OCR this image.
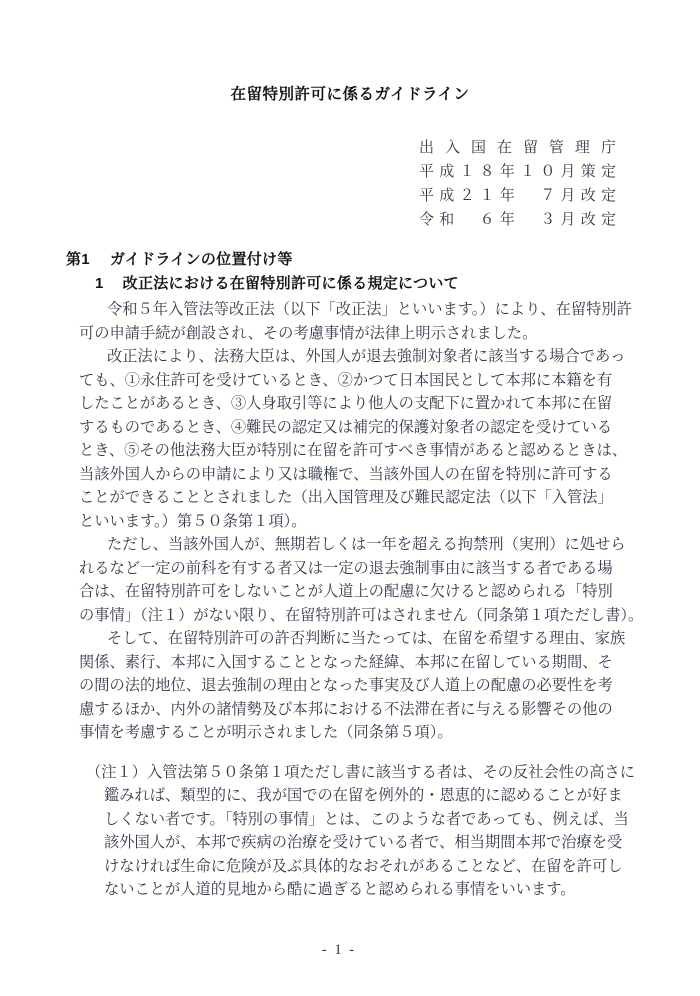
在留特別許可に係るガイドライン
出 入 国 在 留 管 理 庁
平 成 １ ８ 年 １ ０ 月 策 定
平 成 ２ １ 年
　 ７ 月 改 定
令 和
　 ６ 年
　 ３ 月 改 定
第1 ガイドラインの位置付け等
1 改正法における在留特別許可に係る規定について
令和５年入管法等改正法（以下「改正法」といいます。）により、在留特別許
可の申請手続が創設され、その考慮事情が法律上明示されました。
改正法により、法務大臣は、外国人が退去強制対象者に該当する場合であっ
ても、①永住許可を受けているとき、②かつて日本国民として本邦に本籍を有
したことがあるとき、③人身取引等により他人の支配下に置かれて本邦に在留
するものであるとき、④難民の認定又は補完的保護対象者の認定を受けている
とき、⑤その他法務大臣が特別に在留を許可すべき事情があると認めるときは、
当該外国人からの申請により又は職権で、当該外国人の在留を特別に許可する
ことができることとされました（出入国管理及び難民認定法（以下「入管法」
といいます。）第５０条第１項）。
ただし、当該外国人が、無期若しくは一年を超える拘禁刑（実刑）に処せら
れるなど一定の前科を有する者又は一定の退去強制事由に該当する者である場
合は、在留特別許可をしないことが人道上の配慮に欠けると認められる「特別
の事情」（注１）がない限り、在留特別許可はされません（同条第１項ただし書）。
そして、在留特別許可の許否判断に当たっては、在留を希望する理由、家族
関係、素行、本邦に入国することとなった経緯、本邦に在留している期間、そ
の間の法的地位、退去強制の理由となった事実及び人道上の配慮の必要性を考
慮するほか、内外の諸情勢及び本邦における不法滞在者に与える影響その他の
事情を考慮することが明示されました（同条第５項）。
（注１）入管法第５０条第１項ただし書に該当する者は、その反社会性の高さに
鑑みれば、類型的に、我が国での在留を例外的・恩恵的に認めることが好ま
しくない者です。「特別の事情」とは、このような者であっても、例えば、当
該外国人が、本邦で疾病の治療を受けている者で、相当期間本邦で治療を受
けなければ生命に危険が及ぶ具体的なおそれがあることなど、在留を許可し
ないことが人道的見地から酷に過ぎると認められる事情をいいます。
- 1 -
